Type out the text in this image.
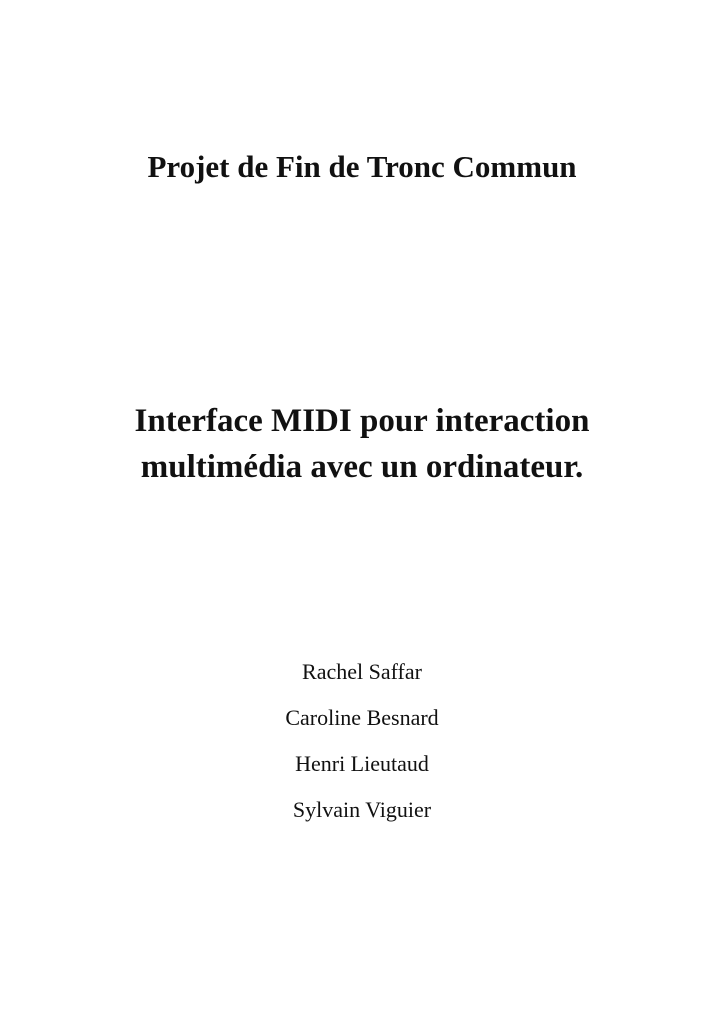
Projet de Fin de Tronc Commun
Interface MIDI pour interaction
multimédia avec un ordinateur.
Rachel Saffar
Caroline Besnard
Henri Lieutaud
Sylvain Viguier
